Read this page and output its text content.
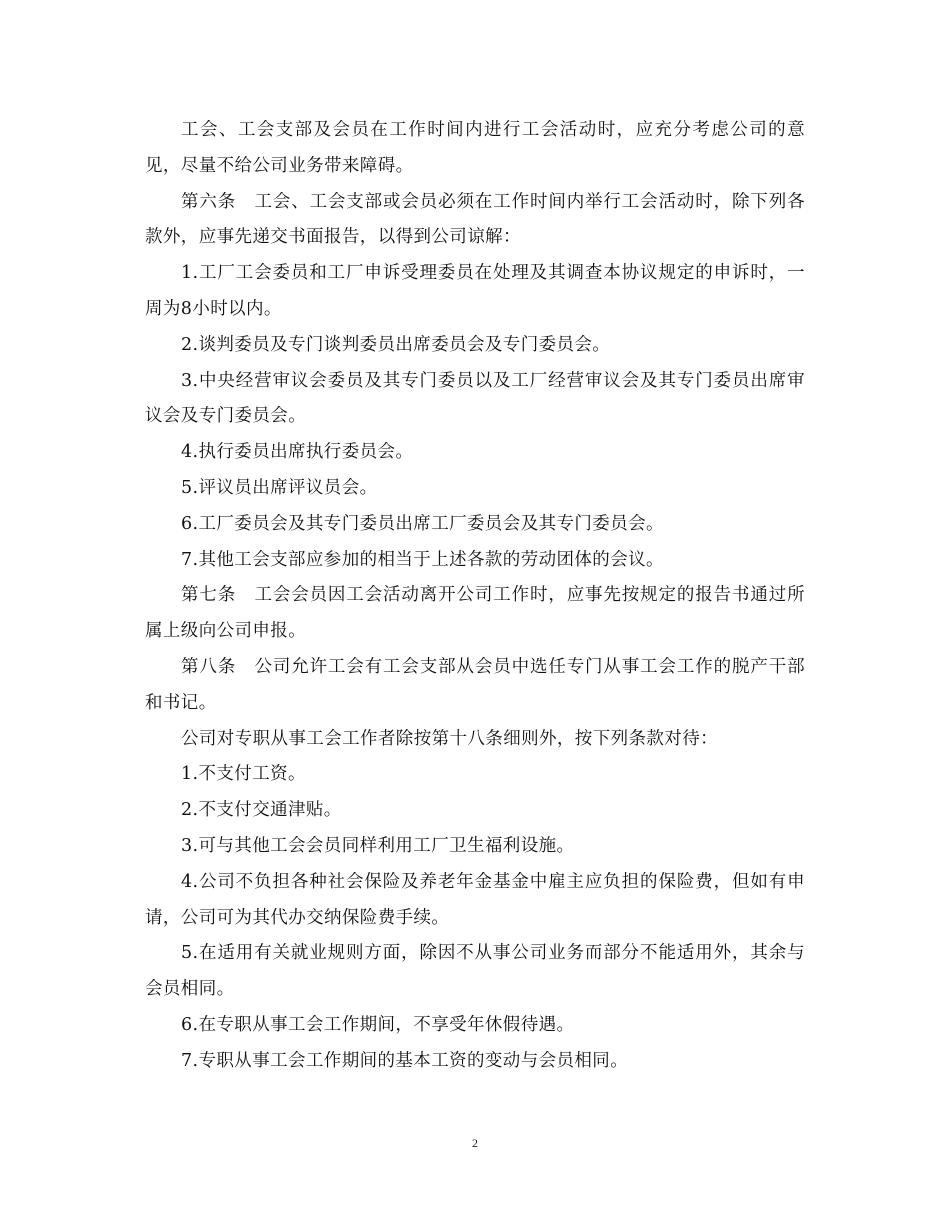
工会、工会支部及会员在工作时间内进行工会活动时，应充分考虑公司的意见，尽量不给公司业务带来障碍。

第六条　工会、工会支部或会员必须在工作时间内举行工会活动时，除下列各款外，应事先递交书面报告，以得到公司谅解：

1.工厂工会委员和工厂申诉受理委员在处理及其调查本协议规定的申诉时，一周为8小时以内。

2.谈判委员及专门谈判委员出席委员会及专门委员会。

3.中央经营审议会委员及其专门委员以及工厂经营审议会及其专门委员出席审议会及专门委员会。

4.执行委员出席执行委员会。

5.评议员出席评议员会。

6.工厂委员会及其专门委员出席工厂委员会及其专门委员会。

7.其他工会支部应参加的相当于上述各款的劳动团体的会议。

第七条　工会会员因工会活动离开公司工作时，应事先按规定的报告书通过所属上级向公司申报。

第八条　公司允许工会有工会支部从会员中选任专门从事工会工作的脱产干部和书记。

公司对专职从事工会工作者除按第十八条细则外，按下列条款对待：

1.不支付工资。

2.不支付交通津贴。

3.可与其他工会会员同样利用工厂卫生福利设施。

4.公司不负担各种社会保险及养老年金基金中雇主应负担的保险费，但如有申请，公司可为其代办交纳保险费手续。

5.在适用有关就业规则方面，除因不从事公司业务而部分不能适用外，其余与会员相同。

6.在专职从事工会工作期间，不享受年休假待遇。

7.专职从事工会工作期间的基本工资的变动与会员相同。

2
